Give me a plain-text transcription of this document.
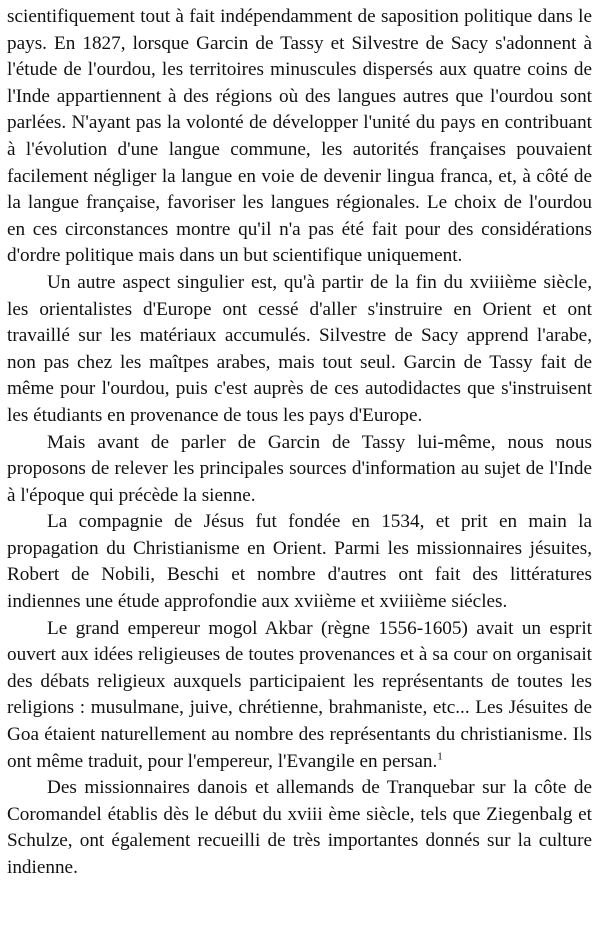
scientifiquement tout à fait indépendamment de saposition politique dans le pays. En 1827, lorsque Garcin de Tassy et Silvestre de Sacy s'adonnent à l'étude de l'ourdou, les territoires minuscules dispersés aux quatre coins de l'Inde appartiennent à des régions où des langues autres que l'ourdou sont parlées. N'ayant pas la volonté de développer l'unité du pays en contribuant à l'évolution d'une langue commune, les autorités françaises pouvaient facilement négliger la langue en voie de devenir lingua franca, et, à côté de la langue française, favoriser les langues régionales. Le choix de l'ourdou en ces circonstances montre qu'il n'a pas été fait pour des considérations d'ordre politique mais dans un but scientifique uniquement.

Un autre aspect singulier est, qu'à partir de la fin du xviiième siècle, les orientalistes d'Europe ont cessé d'aller s'instruire en Orient et ont travaillé sur les matériaux accumulés. Silvestre de Sacy apprend l'arabe, non pas chez les maîtpes arabes, mais tout seul. Garcin de Tassy fait de même pour l'ourdou, puis c'est auprès de ces autodidactes que s'instruisent les étudiants en provenance de tous les pays d'Europe.

Mais avant de parler de Garcin de Tassy lui-même, nous nous proposons de relever les principales sources d'information au sujet de l'Inde à l'époque qui précède la sienne.

La compagnie de Jésus fut fondée en 1534, et prit en main la propagation du Christianisme en Orient. Parmi les missionnaires jésuites, Robert de Nobili, Beschi et nombre d'autres ont fait des littératures indiennes une étude approfondie aux xviième et xviiième siécles.

Le grand empereur mogol Akbar (règne 1556-1605) avait un esprit ouvert aux idées religieuses de toutes provenances et à sa cour on organisait des débats religieux auxquels participaient les représentants de toutes les religions : musulmane, juive, chrétienne, brahmaniste, etc... Les Jésuites de Goa étaient naturellement au nombre des représentants du christianisme. Ils ont même traduit, pour l'empereur, l'Evangile en persan.$^1$

Des missionnaires danois et allemands de Tranquebar sur la côte de Coromandel établis dès le début du xviii ème siècle, tels que Ziegenbalg et Schulze, ont également recueilli de très importantes donnés sur la culture indienne.
